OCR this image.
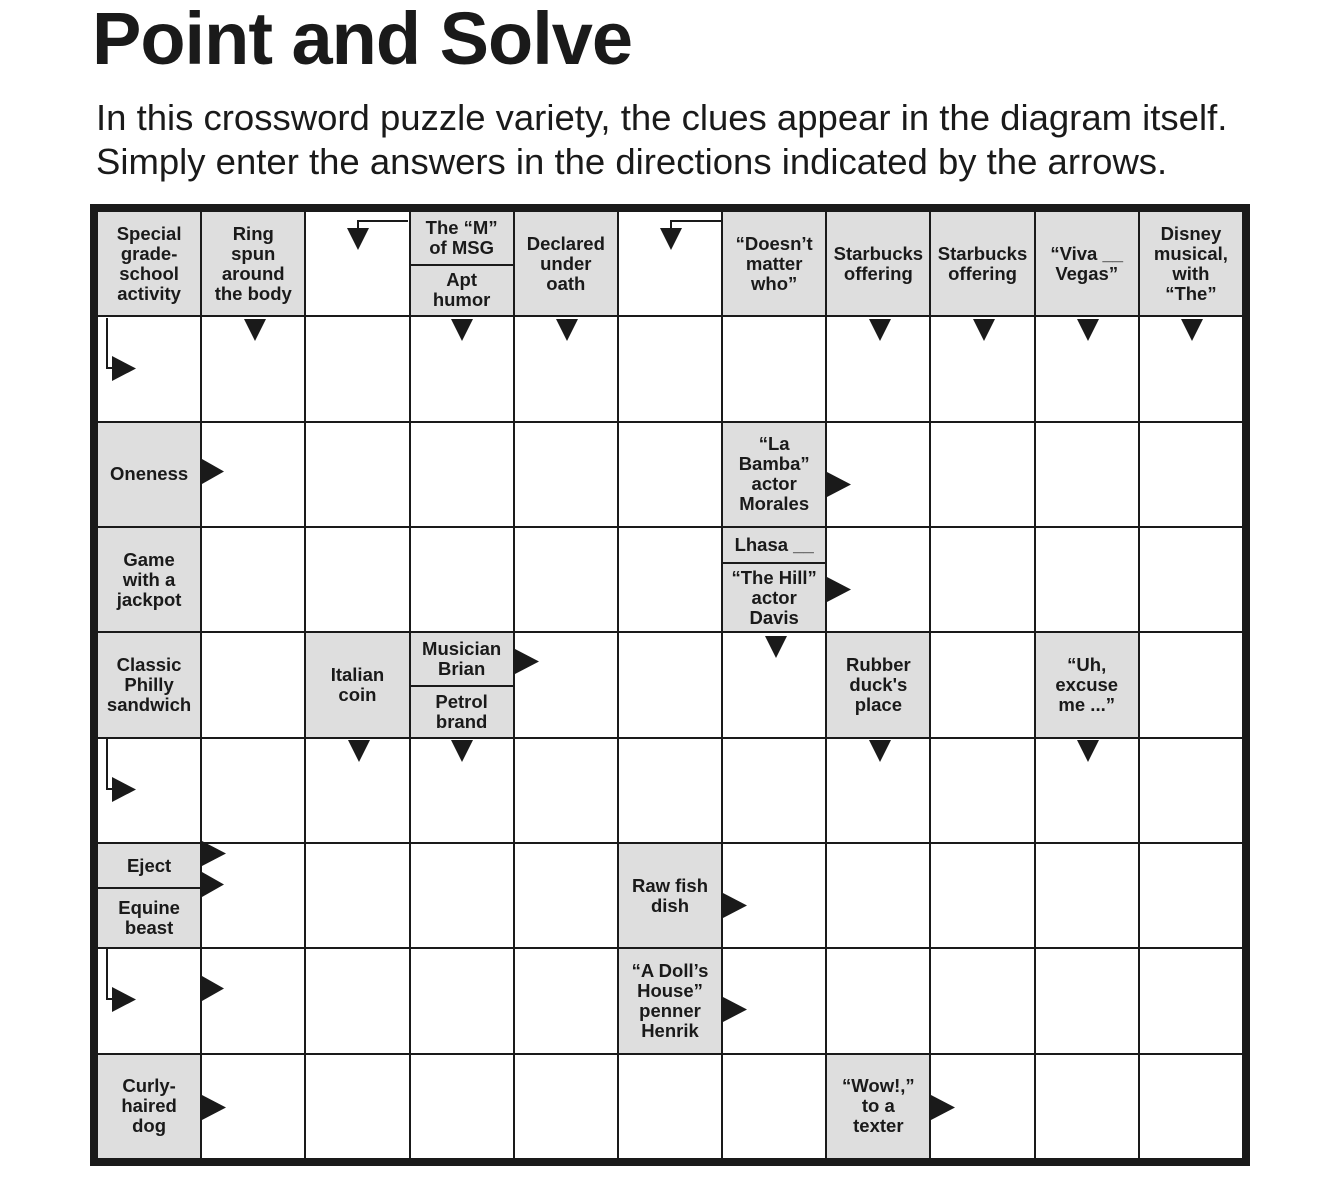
Point and Solve

In this crossword puzzle variety, the clues appear in the diagram itself.
Simply enter the answers in the directions indicated by the arrows.

Special
grade-
school
activity
Ring
spun
around
the body
The “M”
of MSG
Apt
humor
Declared
under
oath
“Doesn’t
matter
who”
Starbucks
offering
Starbucks
offering
“Viva __
Vegas”
Disney
musical,
with
“The”
Oneness
“La
Bamba”
actor
Morales
Game
with a
jackpot
Lhasa __
“The Hill”
actor
Davis
Classic
Philly
sandwich
Italian
coin
Musician
Brian
Petrol
brand
Rubber
duck's
place
“Uh,
excuse
me ...”
Eject
Equine
beast
Raw fish
dish
“A Doll’s
House”
penner
Henrik
Curly-
haired
dog
“Wow!,”
to a
texter
